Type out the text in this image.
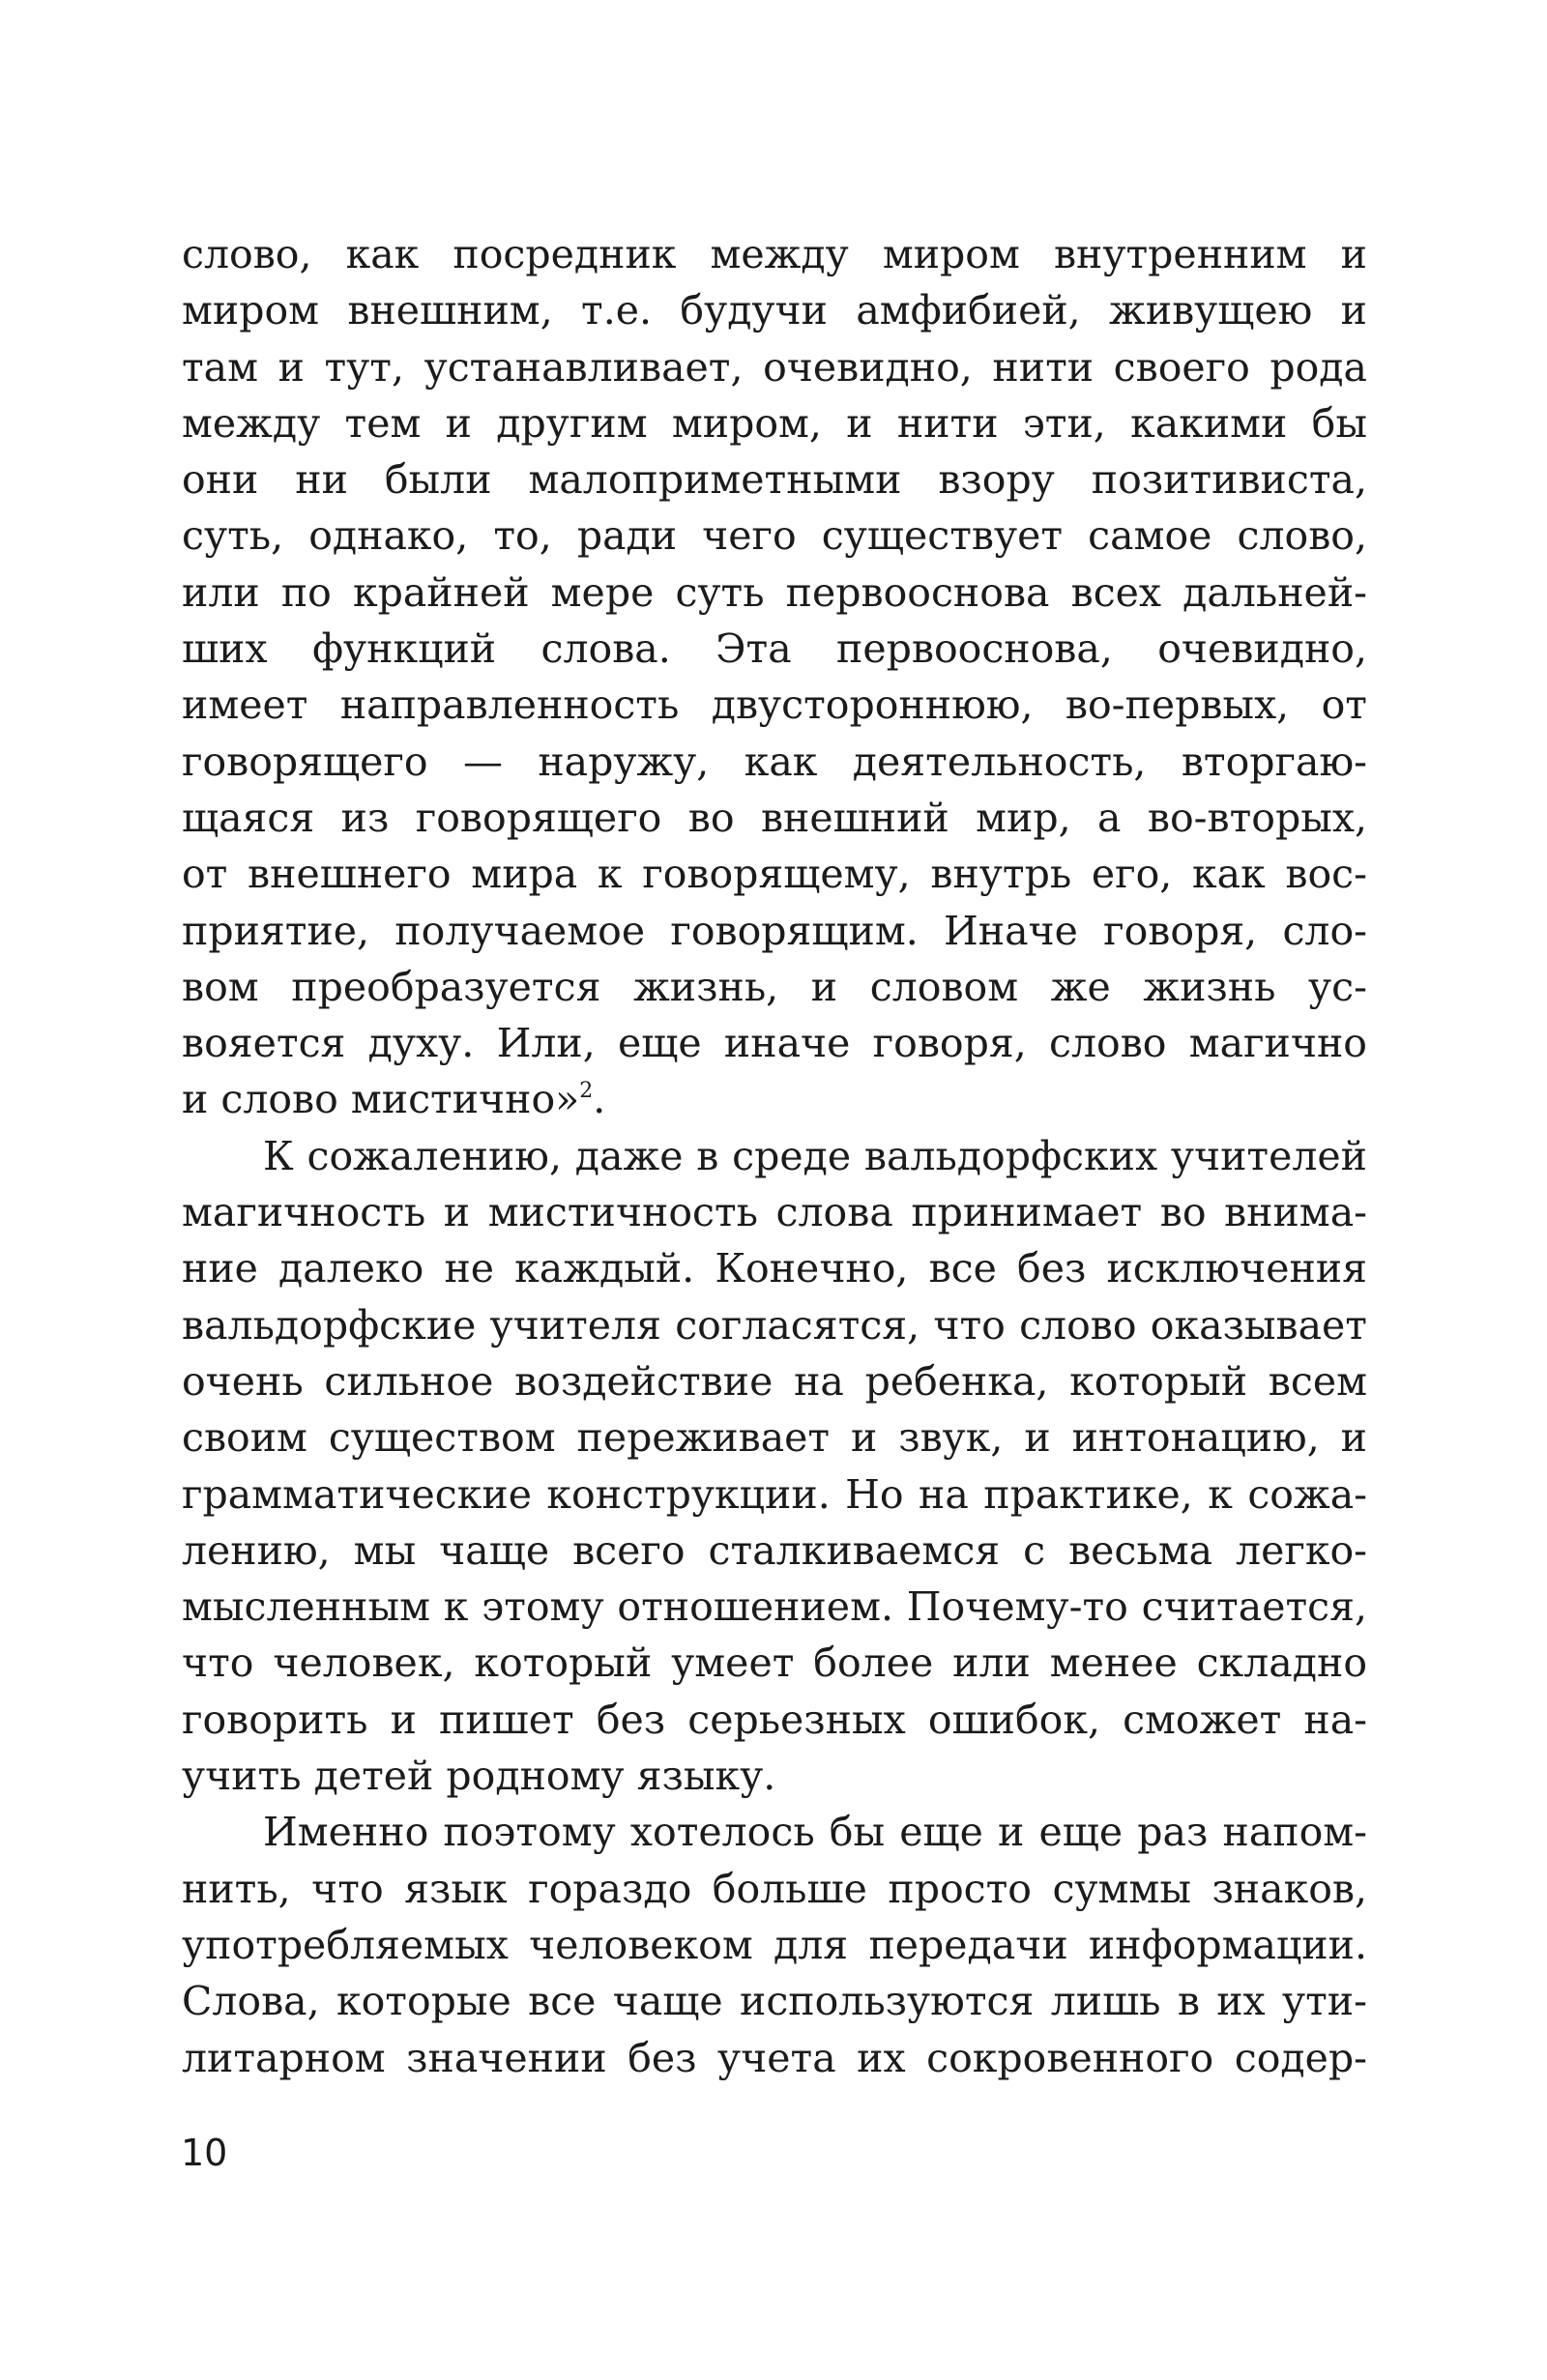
слово, как посредник между миром внутренним и
миром внешним, т.е. будучи амфибией, живущею и
там и тут, устанавливает, очевидно, нити своего рода
между тем и другим миром, и нити эти, какими бы
они ни были малоприметными взору позитивиста,
суть, однако, то, ради чего существует самое слово,
или по крайней мере суть первооснова всех дальней-
ших функций слова. Эта первооснова, очевидно,
имеет направленность двустороннюю, во-первых, от
говорящего — наружу, как деятельность, вторгаю-
щаяся из говорящего во внешний мир, а во-вторых,
от внешнего мира к говорящему, внутрь его, как вос-
приятие, получаемое говорящим. Иначе говоря, сло-
вом преобразуется жизнь, и словом же жизнь ус-
вояется духу. Или, еще иначе говоря, слово магично
и слово мистично»$^2$.
К сожалению, даже в среде вальдорфских учителей
магичность и мистичность слова принимает во внима-
ние далеко не каждый. Конечно, все без исключения
вальдорфские учителя согласятся, что слово оказывает
очень сильное воздействие на ребенка, который всем
своим существом переживает и звук, и интонацию, и
грамматические конструкции. Но на практике, к сожа-
лению, мы чаще всего сталкиваемся с весьма легко-
мысленным к этому отношением. Почему-то считается,
что человек, который умеет более или менее складно
говорить и пишет без серьезных ошибок, сможет на-
учить детей родному языку.
Именно поэтому хотелось бы еще и еще раз напом-
нить, что язык гораздо больше просто суммы знаков,
употребляемых человеком для передачи информации.
Слова, которые все чаще используются лишь в их ути-
литарном значении без учета их сокровенного содер-
10
